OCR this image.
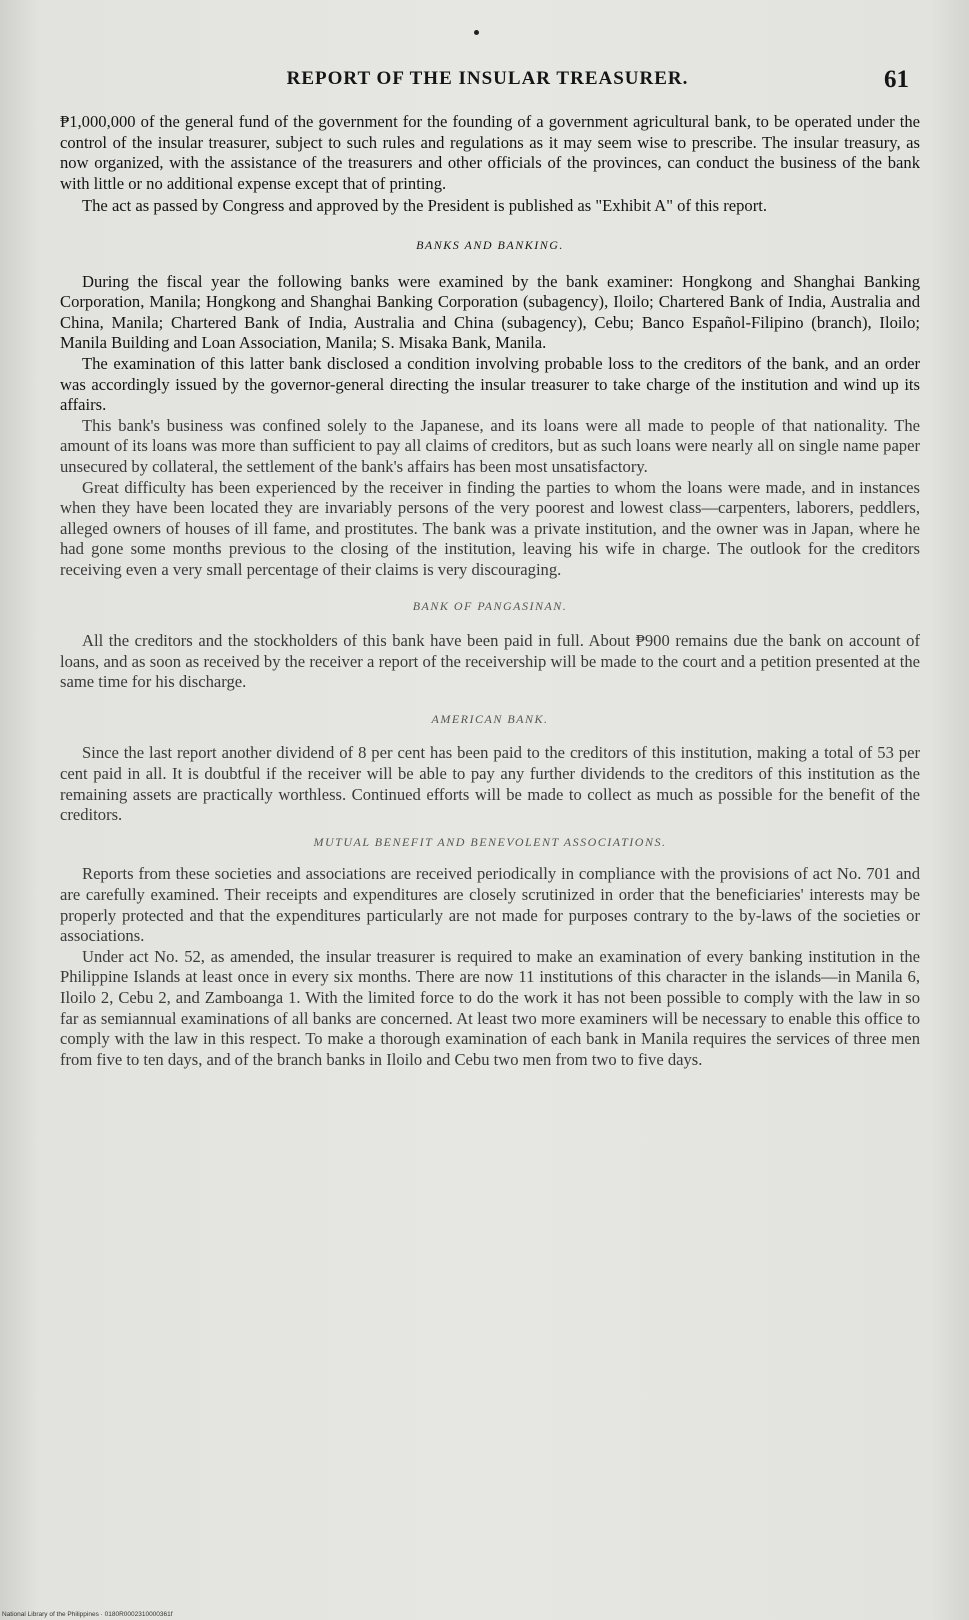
REPORT OF THE INSULAR TREASURER.	61

₱1,000,000 of the general fund of the government for the founding of a government agricultural bank, to be operated under the control of the insular treasurer, subject to such rules and regulations as it may seem wise to prescribe. The insular treasury, as now organized, with the assistance of the treasurers and other officials of the provinces, can conduct the business of the bank with little or no additional expense except that of printing.

The act as passed by Congress and approved by the President is published as "Exhibit A" of this report.

BANKS AND BANKING.

During the fiscal year the following banks were examined by the bank examiner: Hongkong and Shanghai Banking Corporation, Manila; Hongkong and Shanghai Banking Corporation (subagency), Iloilo; Chartered Bank of India, Australia and China, Manila; Chartered Bank of India, Australia and China (subagency), Cebu; Banco Español-Filipino (branch), Iloilo; Manila Building and Loan Association, Manila; S. Misaka Bank, Manila.

The examination of this latter bank disclosed a condition involving probable loss to the creditors of the bank, and an order was accordingly issued by the governor-general directing the insular treasurer to take charge of the institution and wind up its affairs.

This bank's business was confined solely to the Japanese, and its loans were all made to people of that nationality. The amount of its loans was more than sufficient to pay all claims of creditors, but as such loans were nearly all on single name paper unsecured by collateral, the settlement of the bank's affairs has been most unsatisfactory.

Great difficulty has been experienced by the receiver in finding the parties to whom the loans were made, and in instances when they have been located they are invariably persons of the very poorest and lowest class—carpenters, laborers, peddlers, alleged owners of houses of ill fame, and prostitutes. The bank was a private institution, and the owner was in Japan, where he had gone some months previous to the closing of the institution, leaving his wife in charge. The outlook for the creditors receiving even a very small percentage of their claims is very discouraging.

BANK OF PANGASINAN.

All the creditors and the stockholders of this bank have been paid in full. About ₱900 remains due the bank on account of loans, and as soon as received by the receiver a report of the receivership will be made to the court and a petition presented at the same time for his discharge.

AMERICAN BANK.

Since the last report another dividend of 8 per cent has been paid to the creditors of this institution, making a total of 53 per cent paid in all. It is doubtful if the receiver will be able to pay any further dividends to the creditors of this institution as the remaining assets are practically worthless. Continued efforts will be made to collect as much as possible for the benefit of the creditors.

MUTUAL BENEFIT AND BENEVOLENT ASSOCIATIONS.

Reports from these societies and associations are received periodically in compliance with the provisions of act No. 701 and are carefully examined. Their receipts and expenditures are closely scrutinized in order that the beneficiaries' interests may be properly protected and that the expenditures particularly are not made for purposes contrary to the by-laws of the societies or associations.

Under act No. 52, as amended, the insular treasurer is required to make an examination of every banking institution in the Philippine Islands at least once in every six months. There are now 11 institutions of this character in the islands—in Manila 6, Iloilo 2, Cebu 2, and Zamboanga 1. With the limited force to do the work it has not been possible to comply with the law in so far as semiannual examinations of all banks are concerned. At least two more examiners will be necessary to enable this office to comply with the law in this respect. To make a thorough examination of each bank in Manila requires the services of three men from five to ten days, and of the branch banks in Iloilo and Cebu two men from two to five days.

National Library of the Philippines · 0180R0002310000361f
